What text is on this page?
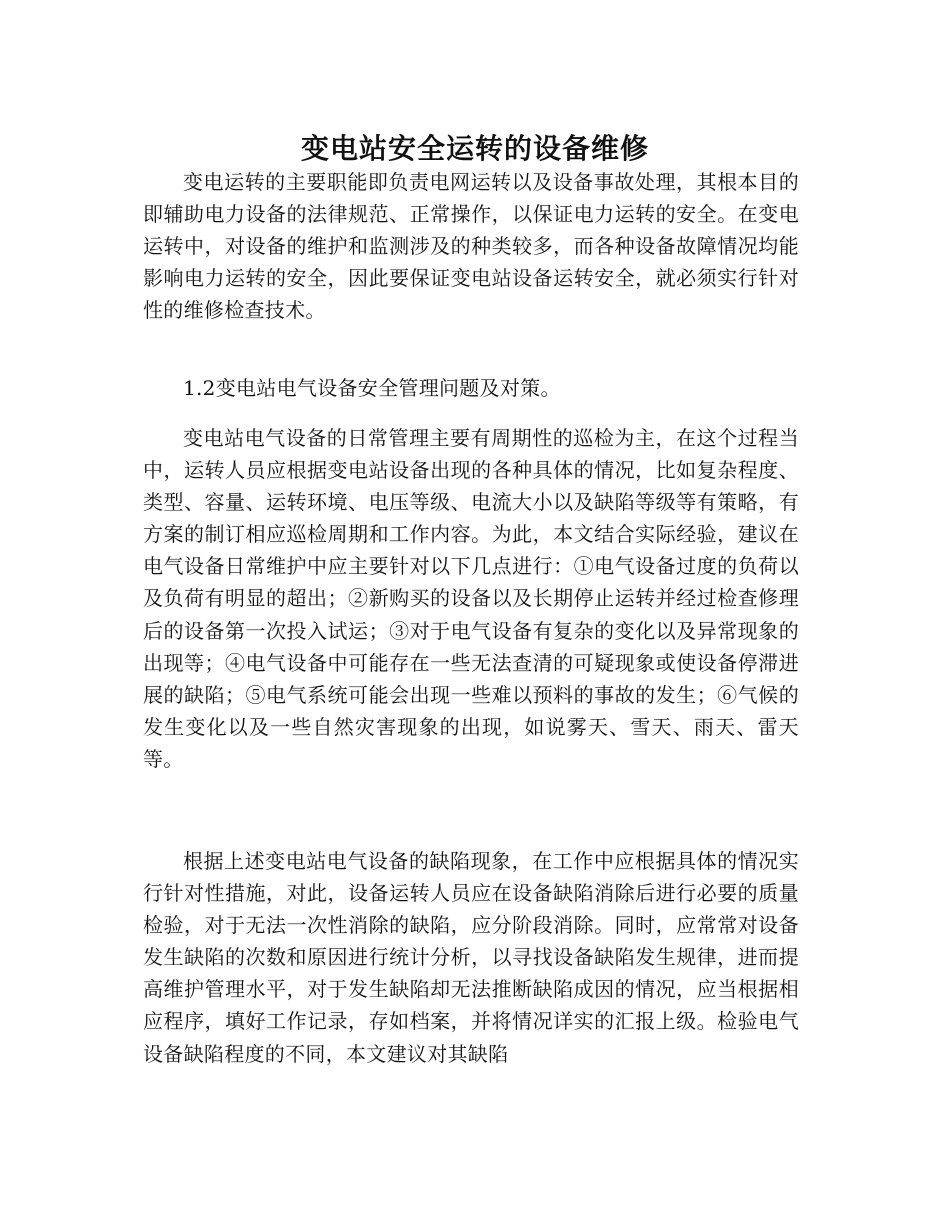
变电站安全运转的设备维修

变电运转的主要职能即负责电网运转以及设备事故处理，其根本目的即辅助电力设备的法律规范、正常操作，以保证电力运转的安全。在变电运转中，对设备的维护和监测涉及的种类较多，而各种设备故障情况均能影响电力运转的安全，因此要保证变电站设备运转安全，就必须实行针对性的维修检查技术。

1.2变电站电气设备安全管理问题及对策。

变电站电气设备的日常管理主要有周期性的巡检为主，在这个过程当中，运转人员应根据变电站设备出现的各种具体的情况，比如复杂程度、类型、容量、运转环境、电压等级、电流大小以及缺陷等级等有策略，有方案的制订相应巡检周期和工作内容。为此，本文结合实际经验，建议在电气设备日常维护中应主要针对以下几点进行：①电气设备过度的负荷以及负荷有明显的超出；②新购买的设备以及长期停止运转并经过检查修理后的设备第一次投入试运；③对于电气设备有复杂的变化以及异常现象的出现等；④电气设备中可能存在一些无法查清的可疑现象或使设备停滞进展的缺陷；⑤电气系统可能会出现一些难以预料的事故的发生；⑥气候的发生变化以及一些自然灾害现象的出现，如说雾天、雪天、雨天、雷天等。

根据上述变电站电气设备的缺陷现象，在工作中应根据具体的情况实行针对性措施，对此，设备运转人员应在设备缺陷消除后进行必要的质量检验，对于无法一次性消除的缺陷，应分阶段消除。同时，应常常对设备发生缺陷的次数和原因进行统计分析，以寻找设备缺陷发生规律，进而提高维护管理水平，对于发生缺陷却无法推断缺陷成因的情况，应当根据相应程序，填好工作记录，存如档案，并将情况详实的汇报上级。检验电气设备缺陷程度的不同，本文建议对其缺陷
